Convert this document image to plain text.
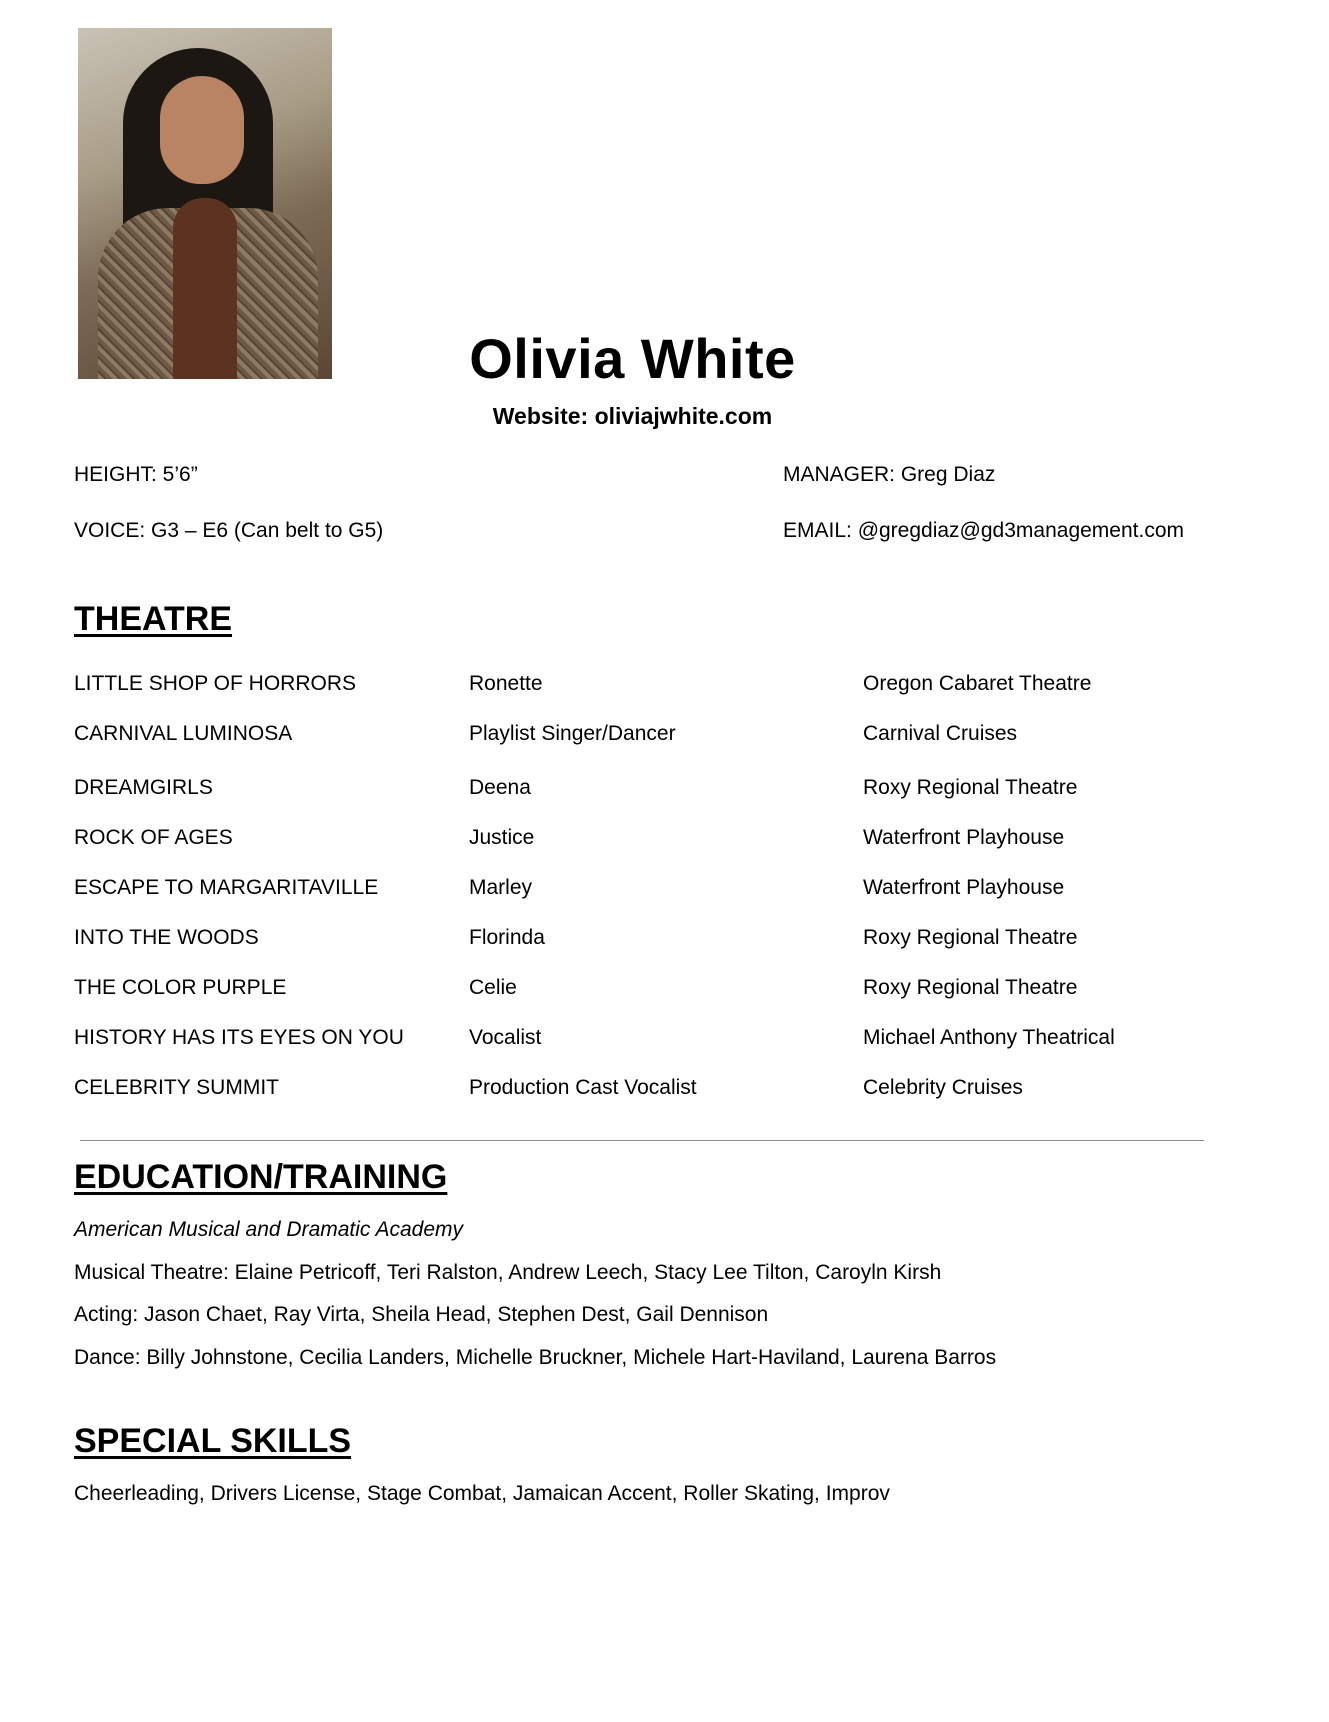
Olivia White
Website: oliviajwhite.com
HEIGHT: 5’6”
VOICE: G3 – E6 (Can belt to G5)
MANAGER: Greg Diaz
EMAIL: @gregdiaz@gd3management.com
THEATRE
LITTLE SHOP OF HORRORS	Ronette	Oregon Cabaret Theatre
CARNIVAL LUMINOSA	Playlist Singer/Dancer	Carnival Cruises
DREAMGIRLS	Deena	Roxy Regional Theatre
ROCK OF AGES	Justice	Waterfront Playhouse
ESCAPE TO MARGARITAVILLE	Marley	Waterfront Playhouse
INTO THE WOODS	Florinda	Roxy Regional Theatre
THE COLOR PURPLE	Celie	Roxy Regional Theatre
HISTORY HAS ITS EYES ON YOU	Vocalist	Michael Anthony Theatrical
CELEBRITY SUMMIT	Production Cast Vocalist	Celebrity Cruises
EDUCATION/TRAINING
American Musical and Dramatic Academy
Musical Theatre: Elaine Petricoff, Teri Ralston, Andrew Leech, Stacy Lee Tilton, Caroyln Kirsh
Acting: Jason Chaet, Ray Virta, Sheila Head, Stephen Dest, Gail Dennison
Dance: Billy Johnstone, Cecilia Landers, Michelle Bruckner, Michele Hart-Haviland, Laurena Barros
SPECIAL SKILLS
Cheerleading, Drivers License, Stage Combat, Jamaican Accent, Roller Skating, Improv
